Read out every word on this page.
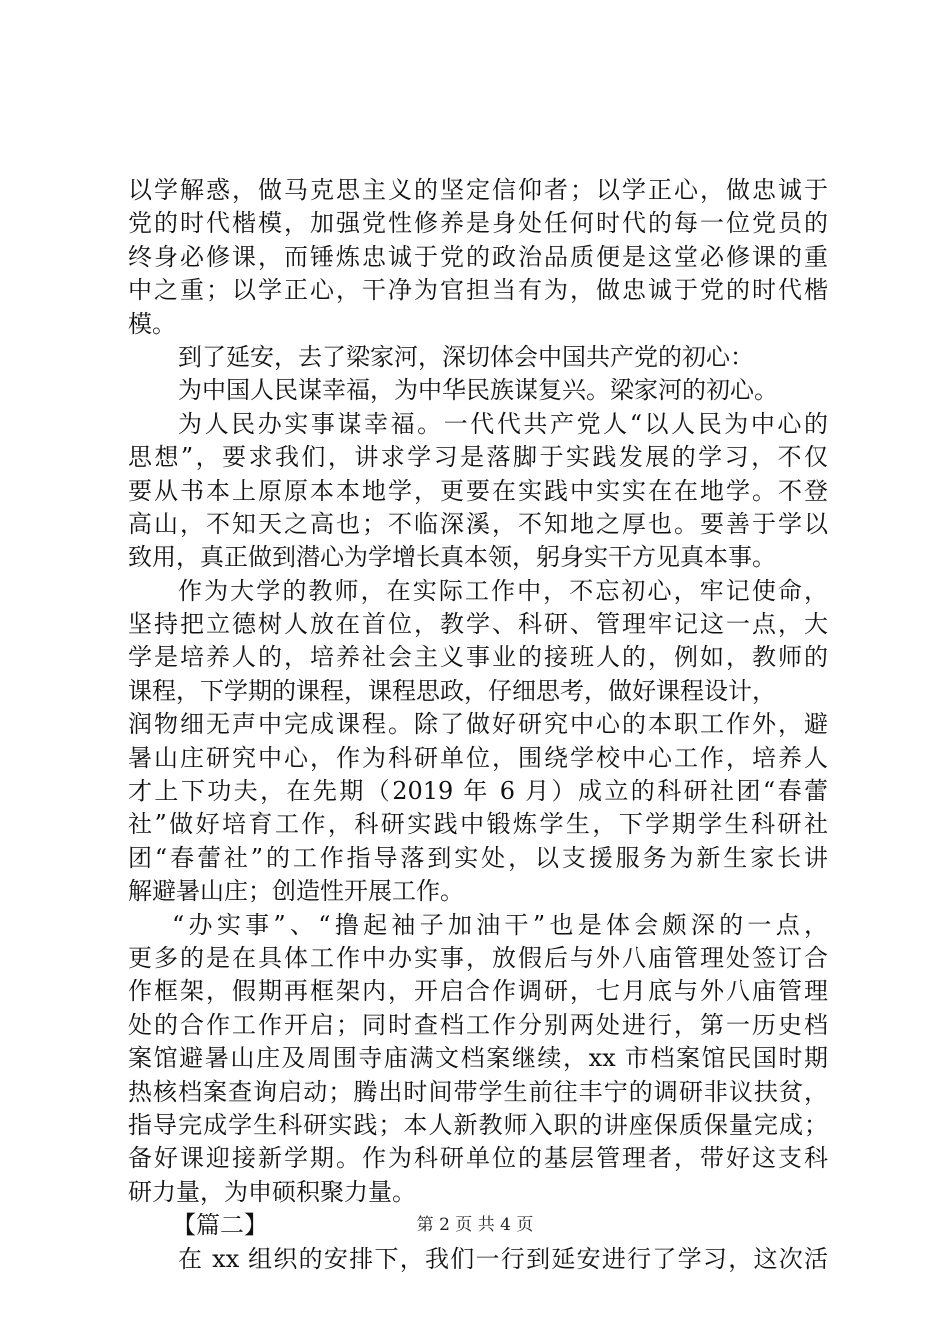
以学解惑，做马克思主义的坚定信仰者；以学正心，做忠诚于
党的时代楷模，加强党性修养是身处任何时代的每一位党员的
终身必修课，而锤炼忠诚于党的政治品质便是这堂必修课的重
中之重；以学正心，干净为官担当有为，做忠诚于党的时代楷
模。
到了延安，去了梁家河，深切体会中国共产党的初心：
为中国人民谋幸福，为中华民族谋复兴。梁家河的初心。
为人民办实事谋幸福。一代代共产党人“以人民为中心的
思想”，要求我们，讲求学习是落脚于实践发展的学习，不仅
要从书本上原原本本地学，更要在实践中实实在在地学。不登
高山，不知天之高也；不临深溪，不知地之厚也。要善于学以
致用，真正做到潜心为学增长真本领，躬身实干方见真本事。
作为大学的教师，在实际工作中，不忘初心，牢记使命，
坚持把立德树人放在首位，教学、科研、管理牢记这一点，大
学是培养人的，培养社会主义事业的接班人的，例如，教师的
课程，下学期的课程，课程思政，仔细思考，做好课程设计，
润物细无声中完成课程。除了做好研究中心的本职工作外，避
暑山庄研究中心，作为科研单位，围绕学校中心工作，培养人
才上下功夫，在先期（2019 年 6 月）成立的科研社团“春蕾
社”做好培育工作，科研实践中锻炼学生，下学期学生科研社
团“春蕾社”的工作指导落到实处，以支援服务为新生家长讲
解避暑山庄；创造性开展工作。
“办实事”、“撸起袖子加油干”也是体会颇深的一点，
更多的是在具体工作中办实事，放假后与外八庙管理处签订合
作框架，假期再框架内，开启合作调研，七月底与外八庙管理
处的合作工作开启；同时查档工作分别两处进行，第一历史档
案馆避暑山庄及周围寺庙满文档案继续，xx 市档案馆民国时期
热核档案查询启动；腾出时间带学生前往丰宁的调研非议扶贫，
指导完成学生科研实践；本人新教师入职的讲座保质保量完成；
备好课迎接新学期。作为科研单位的基层管理者，带好这支科
研力量，为申硕积聚力量。
【篇二】
在 xx 组织的安排下，我们一行到延安进行了学习，这次活
第 2 页 共 4 页
